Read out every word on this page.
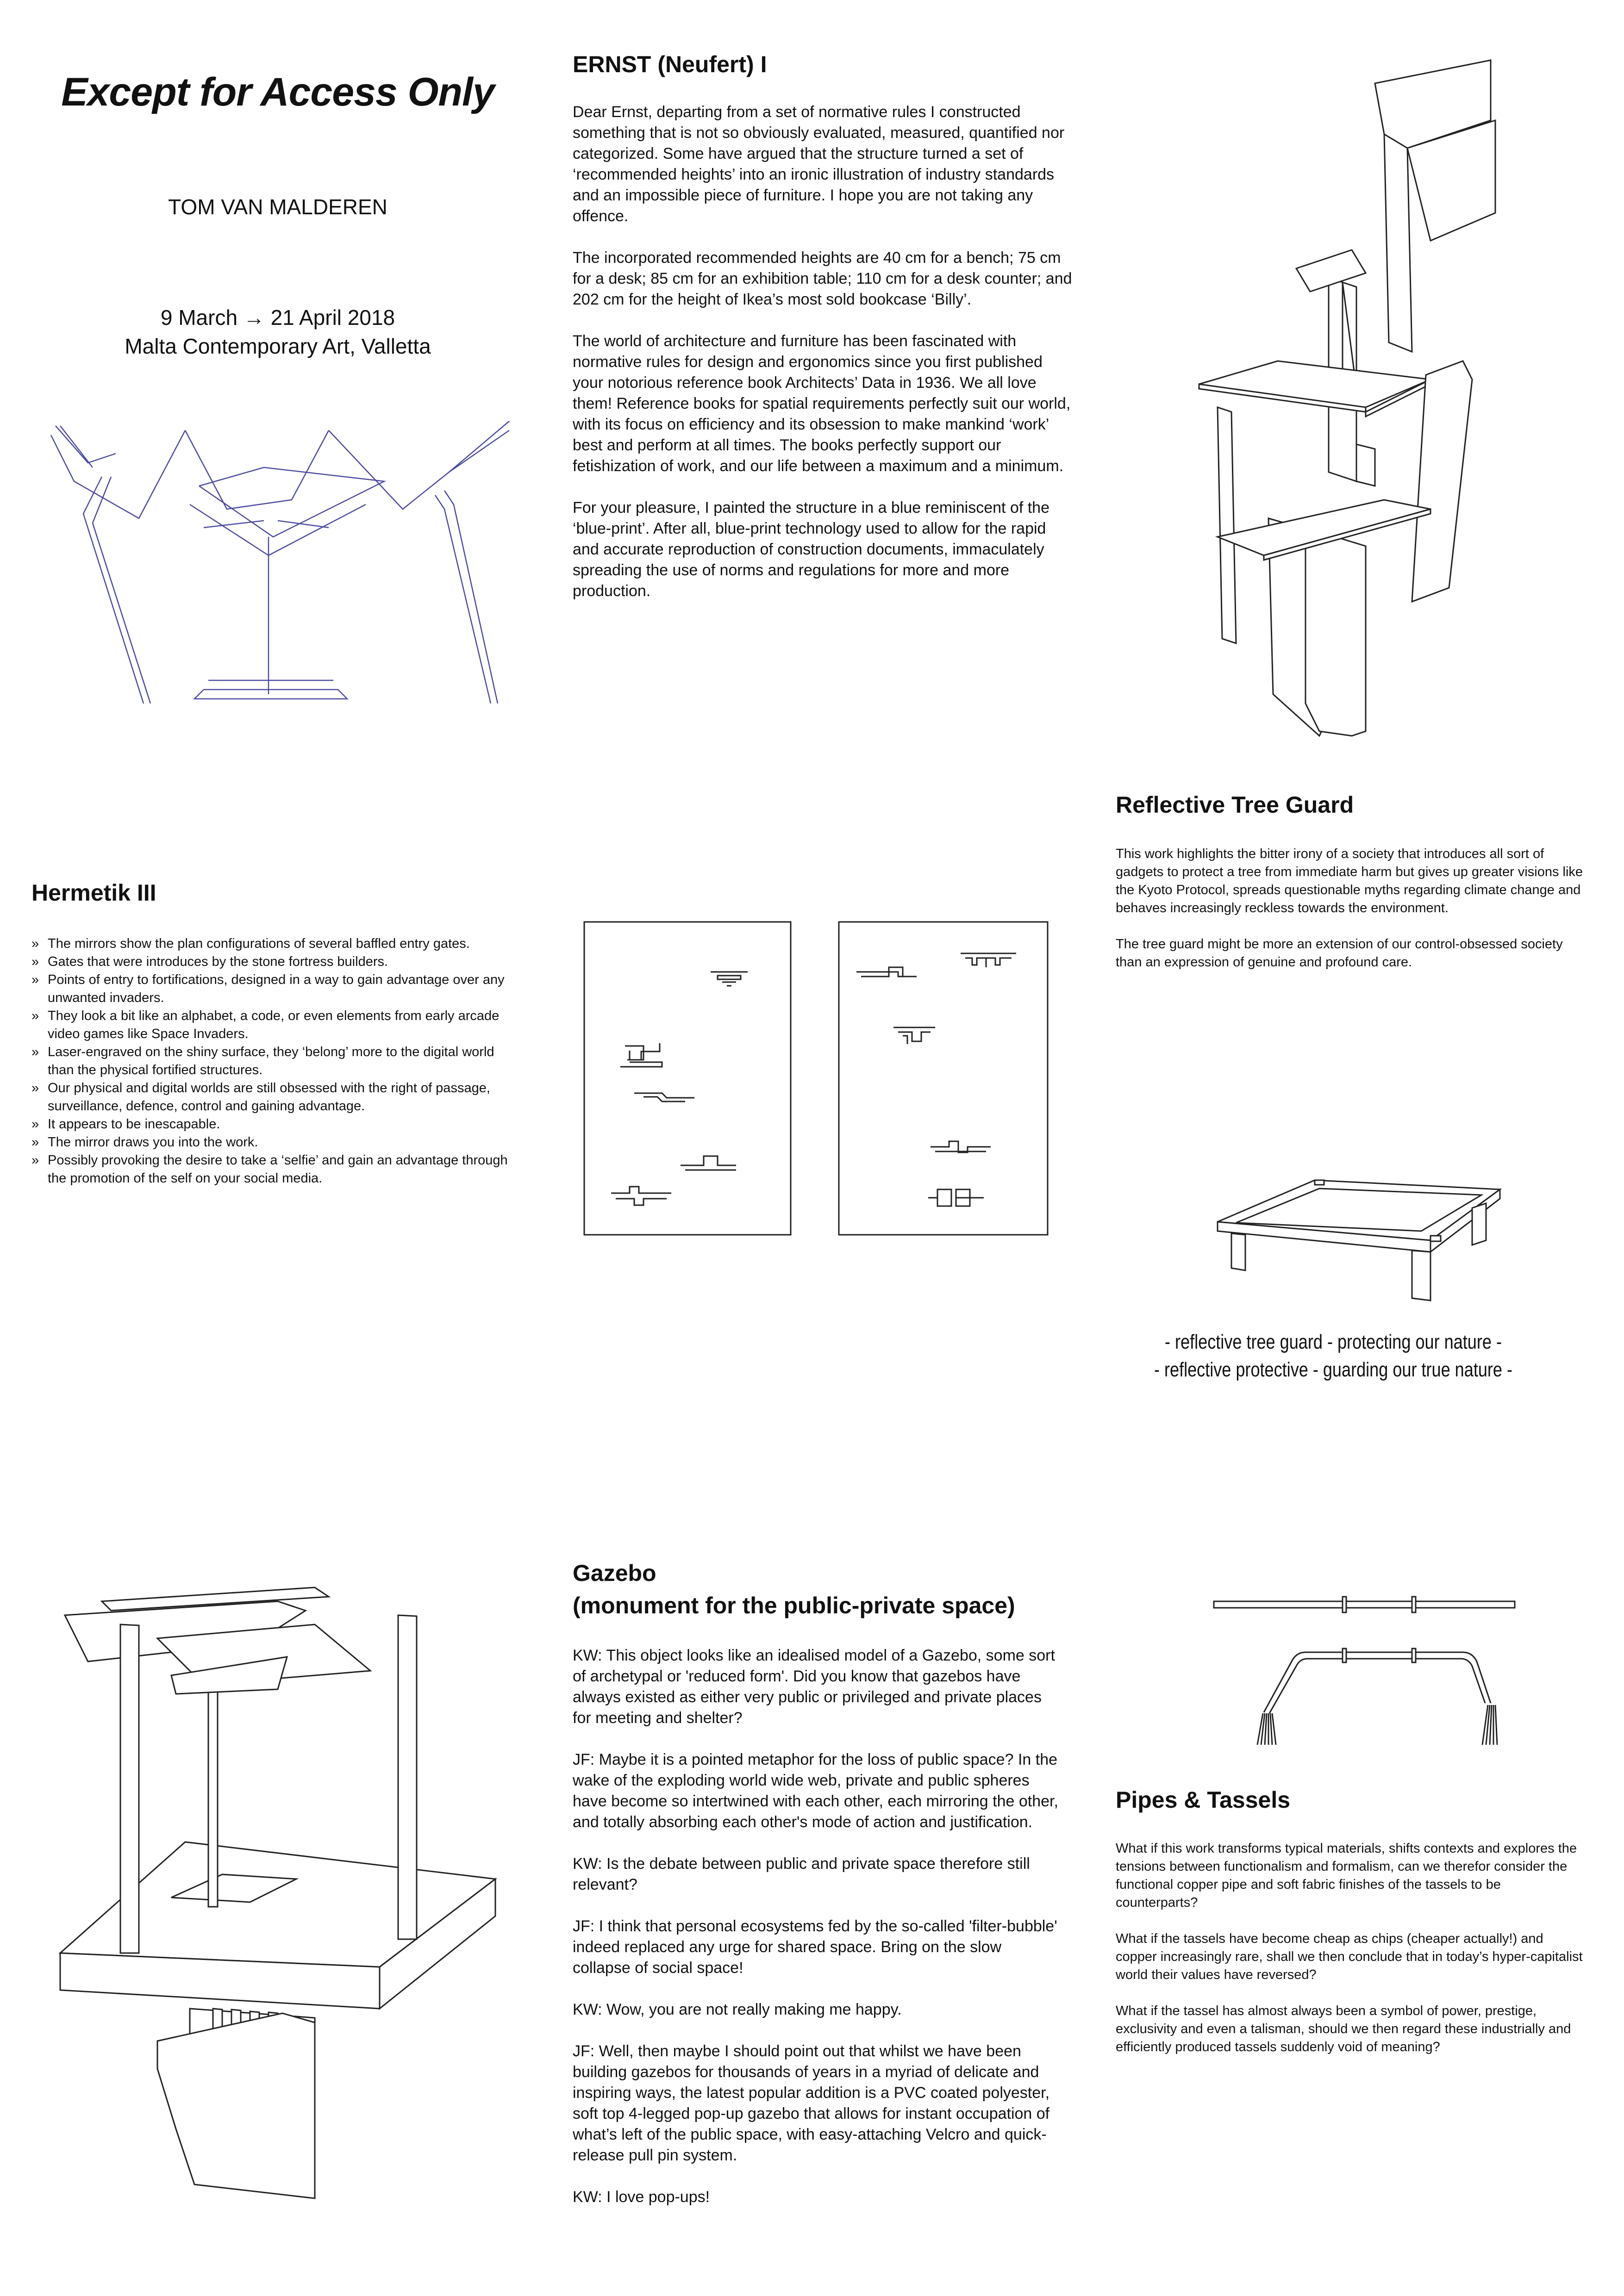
Except for Access Only
TOM VAN MALDEREN
9 March → 21 April 2018
Malta Contemporary Art, Valletta
ERNST (Neufert) I

Dear Ernst, departing from a set of normative rules I constructed something that is not so obviously evaluated, measured, quantified nor categorized. Some have argued that the structure turned a set of ‘recommended heights’ into an ironic illustration of industry standards and an impossible piece of furniture. I hope you are not taking any offence.

The incorporated recommended heights are 40 cm for a bench; 75 cm for a desk; 85 cm for an exhibition table; 110 cm for a desk counter; and 202 cm for the height of Ikea’s most sold bookcase ‘Billy’.

The world of architecture and furniture has been fascinated with normative rules for design and ergonomics since you first published your notorious reference book Architects’ Data in 1936. We all love them! Reference books for spatial requirements perfectly suit our world, with its focus on efficiency and its obsession to make mankind ‘work’ best and perform at all times. The books perfectly support our fetishization of work, and our life between a maximum and a minimum.

For your pleasure, I painted the structure in a blue reminiscent of the ‘blue-print’. After all, blue-print technology used to allow for the rapid and accurate reproduction of construction documents, immaculately spreading the use of norms and regulations for more and more production.

Hermetik III
» The mirrors show the plan configurations of several baffled entry gates.
» Gates that were introduces by the stone fortress builders.
» Points of entry to fortifications, designed in a way to gain advantage over any unwanted invaders.
» They look a bit like an alphabet, a code, or even elements from early arcade video games like Space Invaders.
» Laser-engraved on the shiny surface, they ‘belong’ more to the digital world than the physical fortified structures.
» Our physical and digital worlds are still obsessed with the right of passage, surveillance, defence, control and gaining advantage.
» It appears to be inescapable.
» The mirror draws you into the work.
» Possibly provoking the desire to take a ‘selfie’ and gain an advantage through the promotion of the self on your social media.
Reflective Tree Guard

This work highlights the bitter irony of a society that introduces all sort of gadgets to protect a tree from immediate harm but gives up greater visions like the Kyoto Protocol, spreads questionable myths regarding climate change and behaves increasingly reckless towards the environment.

The tree guard might be more an extension of our control-obsessed society than an expression of genuine and profound care.

- reflective tree guard - protecting our nature -
- reflective protective - guarding our true nature -
Gazebo
(monument for the public-private space)

KW: This object looks like an idealised model of a Gazebo, some sort of archetypal or 'reduced form'. Did you know that gazebos have always existed as either very public or privileged and private places for meeting and shelter?

JF: Maybe it is a pointed metaphor for the loss of public space? In the wake of the exploding world wide web, private and public spheres have become so intertwined with each other, each mirroring the other, and totally absorbing each other's mode of action and justification.

KW: Is the debate between public and private space therefore still relevant?

JF: I think that personal ecosystems fed by the so-called 'filter-bubble' indeed replaced any urge for shared space. Bring on the slow collapse of social space!

KW: Wow, you are not really making me happy.

JF: Well, then maybe I should point out that whilst we have been building gazebos for thousands of years in a myriad of delicate and inspiring ways, the latest popular addition is a PVC coated polyester, soft top 4-legged pop-up gazebo that allows for instant occupation of what’s left of the public space, with easy-attaching Velcro and quick-release pull pin system.

KW: I love pop-ups!

Pipes & Tassels

What if this work transforms typical materials, shifts contexts and explores the tensions between functionalism and formalism, can we therefor consider the functional copper pipe and soft fabric finishes of the tassels to be counterparts?

What if the tassels have become cheap as chips (cheaper actually!) and copper increasingly rare, shall we then conclude that in today’s hyper-capitalist world their values have reversed?

What if the tassel has almost always been a symbol of power, prestige, exclusivity and even a talisman, should we then regard these industrially and efficiently produced tassels suddenly void of meaning?
